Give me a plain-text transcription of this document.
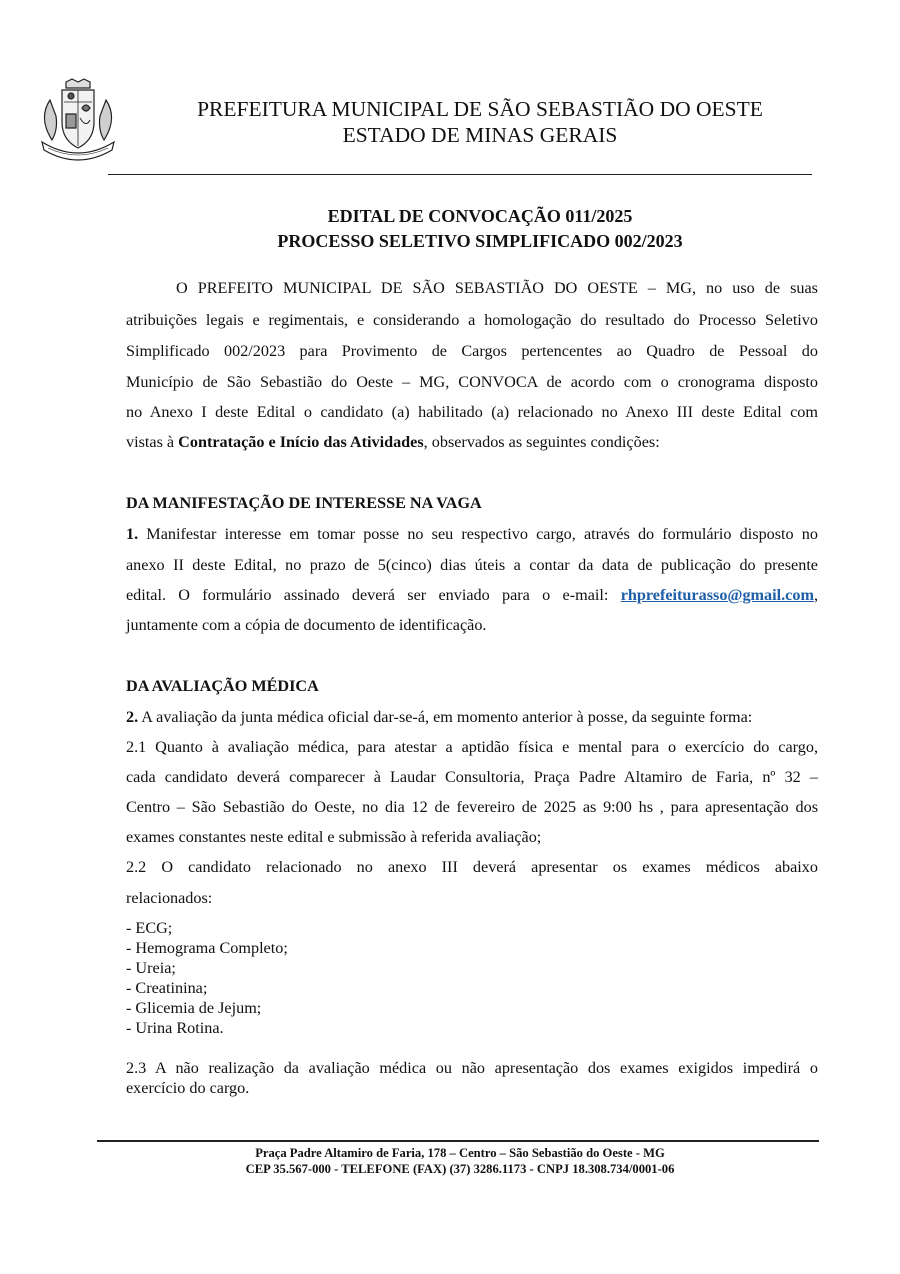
PREFEITURA MUNICIPAL DE SÃO SEBASTIÃO DO OESTE
ESTADO DE MINAS GERAIS

EDITAL DE CONVOCAÇÃO 011/2025

PROCESSO SELETIVO SIMPLIFICADO 002/2023

O PREFEITO MUNICIPAL DE SÃO SEBASTIÃO DO OESTE – MG, no uso de suas

atribuições legais e regimentais, e considerando a homologação do resultado do Processo Seletivo

Simplificado 002/2023 para Provimento de Cargos pertencentes ao Quadro de Pessoal do

Município de São Sebastião do Oeste – MG, CONVOCA de acordo com o cronograma disposto

no Anexo I deste Edital o candidato (a) habilitado (a) relacionado no Anexo III deste Edital com

vistas à Contratação e Início das Atividades, observados as seguintes condições:

DA MANIFESTAÇÃO DE INTERESSE NA VAGA

1. Manifestar interesse em tomar posse no seu respectivo cargo, através do formulário disposto no

anexo II deste Edital, no prazo de 5(cinco) dias úteis a contar da data de publicação do presente

edital. O formulário assinado deverá ser enviado para o e-mail: rhprefeiturasso@gmail.com,

juntamente com a cópia de documento de identificação.

DA AVALIAÇÃO MÉDICA

2. A avaliação da junta médica oficial dar-se-á, em momento anterior à posse, da seguinte forma:

2.1 Quanto à avaliação médica, para atestar a aptidão física e mental para o exercício do cargo,

cada candidato deverá comparecer à Laudar Consultoria, Praça Padre Altamiro de Faria, nº 32 –

Centro – São Sebastião do Oeste, no dia 12 de fevereiro de 2025 as 9:00 hs , para apresentação dos

exames constantes neste edital e submissão à referida avaliação;

2.2 O candidato relacionado no anexo III deverá apresentar os exames médicos abaixo

relacionados:

- ECG;

- Hemograma Completo;

- Ureia;

- Creatinina;

- Glicemia de Jejum;

- Urina Rotina.

2.3 A não realização da avaliação médica ou não apresentação dos exames exigidos impedirá o

exercício do cargo.

Praça Padre Altamiro de Faria, 178 – Centro – São Sebastião do Oeste - MG

CEP 35.567-000 - TELEFONE (FAX) (37) 3286.1173 - CNPJ 18.308.734/0001-06
